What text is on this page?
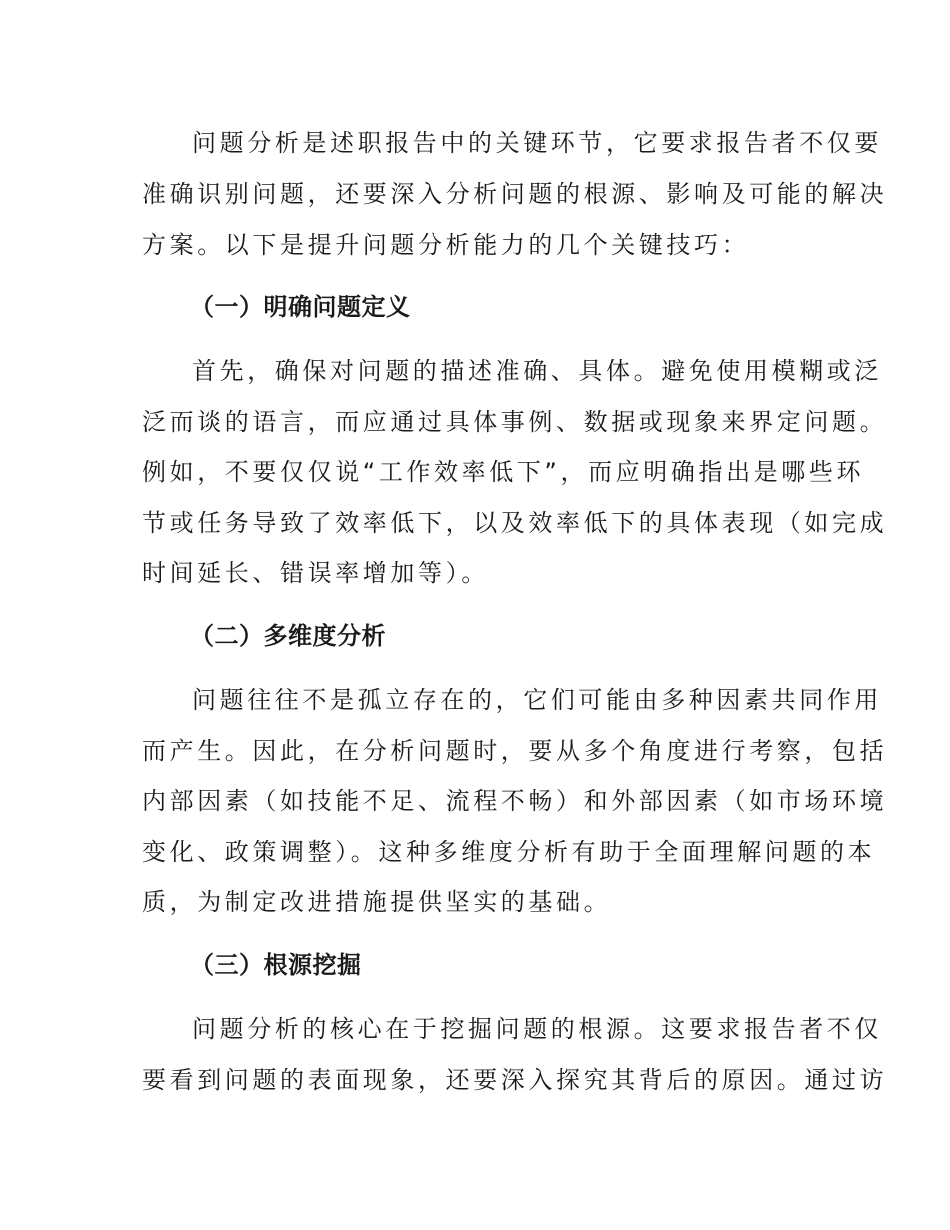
问题分析是述职报告中的关键环节，它要求报告者不仅要
准确识别问题，还要深入分析问题的根源、影响及可能的解决
方案。以下是提升问题分析能力的几个关键技巧：
（一）明确问题定义
首先，确保对问题的描述准确、具体。避免使用模糊或泛
泛而谈的语言，而应通过具体事例、数据或现象来界定问题。
例如，不要仅仅说“工作效率低下”，而应明确指出是哪些环
节或任务导致了效率低下，以及效率低下的具体表现（如完成
时间延长、错误率增加等）。
（二）多维度分析
问题往往不是孤立存在的，它们可能由多种因素共同作用
而产生。因此，在分析问题时，要从多个角度进行考察，包括
内部因素（如技能不足、流程不畅）和外部因素（如市场环境
变化、政策调整）。这种多维度分析有助于全面理解问题的本
质，为制定改进措施提供坚实的基础。
（三）根源挖掘
问题分析的核心在于挖掘问题的根源。这要求报告者不仅
要看到问题的表面现象，还要深入探究其背后的原因。通过访
